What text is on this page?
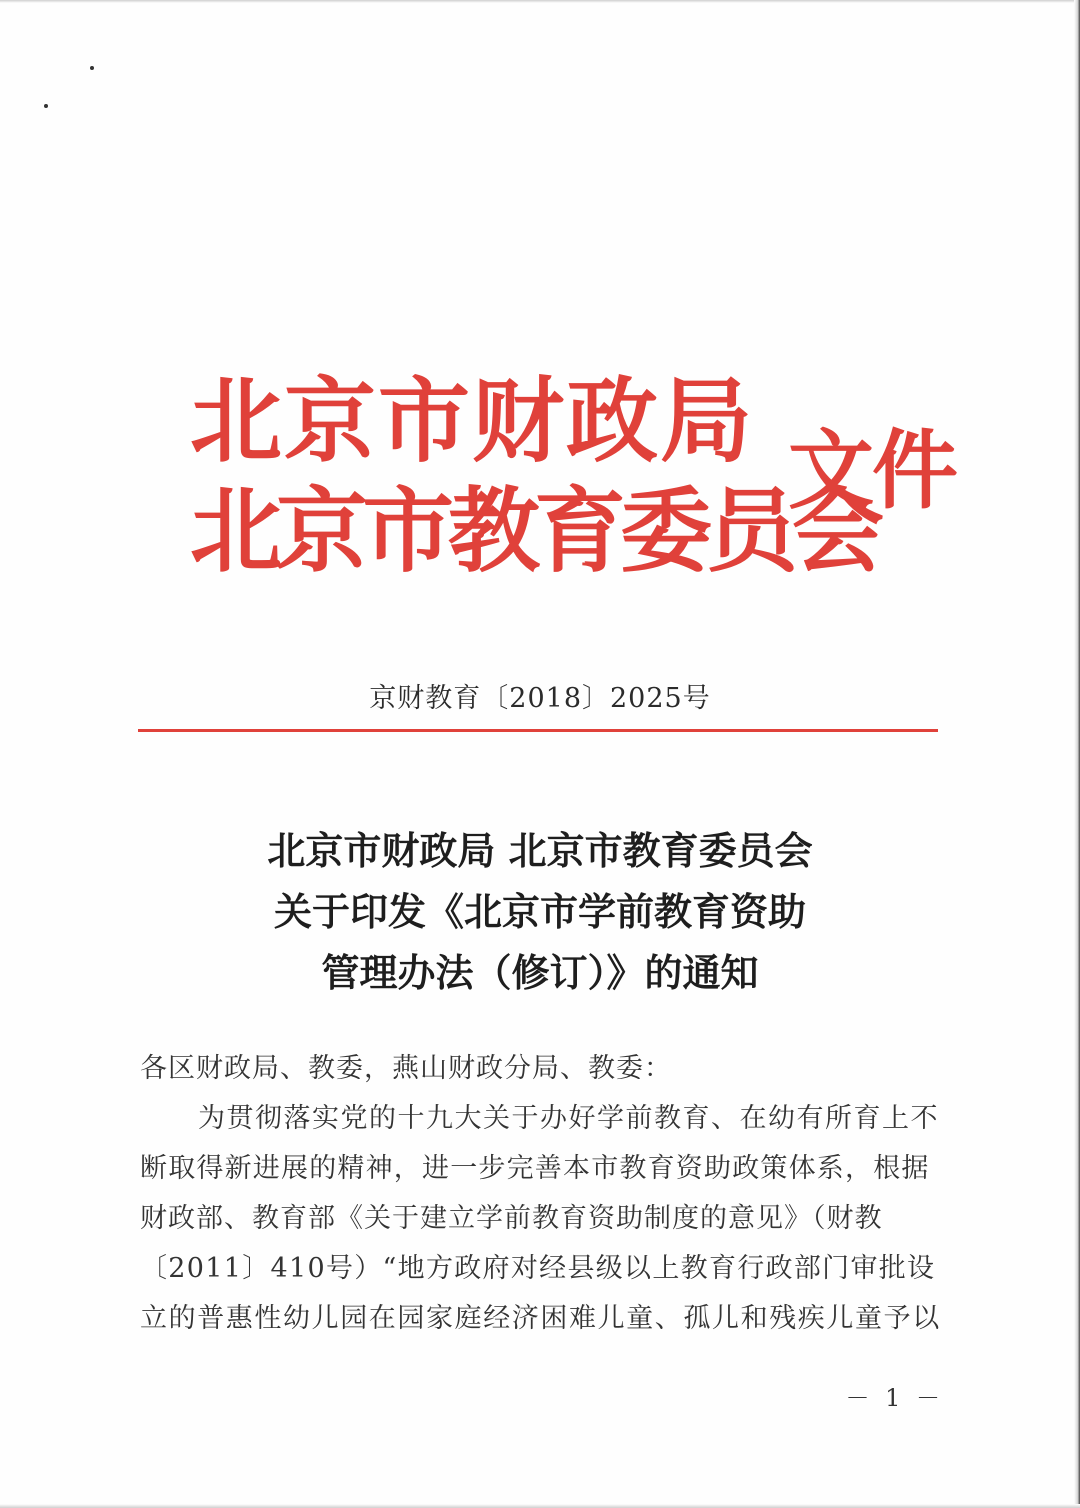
北京市财政局
北京市教育委员会
文件
京财教育〔2018〕2025号
北京市财政局 北京市教育委员会
关于印发《北京市学前教育资助
管理办法（修订）》的通知
各区财政局、教委，燕山财政分局、教委：
为贯彻落实党的十九大关于办好学前教育、在幼有所育上不
断取得新进展的精神，进一步完善本市教育资助政策体系，根据
财政部、教育部《关于建立学前教育资助制度的意见》（财教
〔2011〕410号）“地方政府对经县级以上教育行政部门审批设
立的普惠性幼儿园在园家庭经济困难儿童、孤儿和残疾儿童予以
－ 1 －
